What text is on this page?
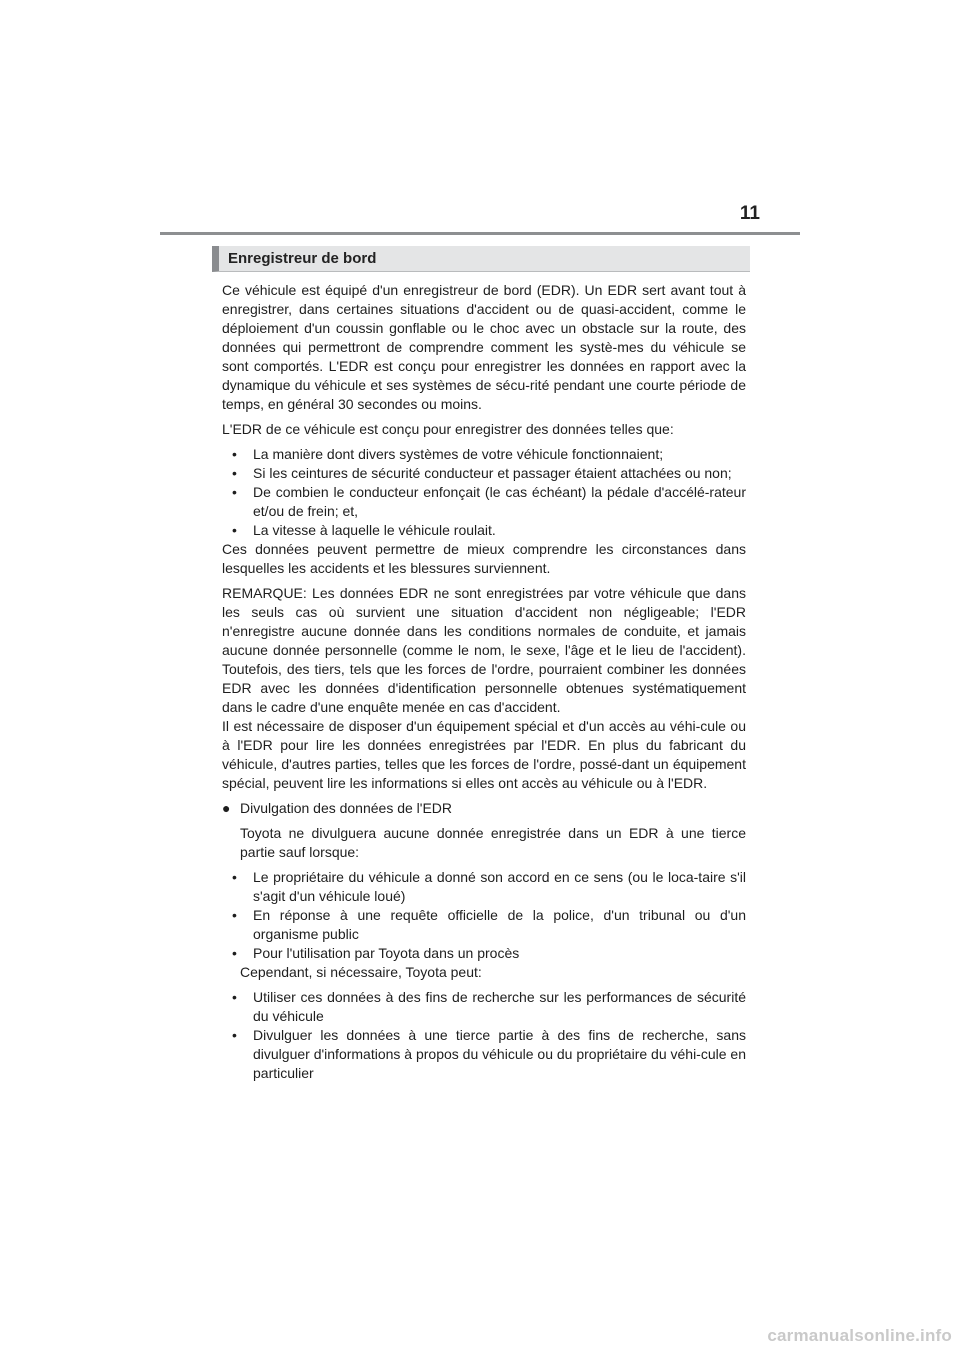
11
Enregistreur de bord

Ce véhicule est équipé d'un enregistreur de bord (EDR). Un EDR sert avant tout à enregistrer, dans certaines situations d'accident ou de quasi-accident, comme le déploiement d'un coussin gonflable ou le choc avec un obstacle sur la route, des données qui permettront de comprendre comment les systè-mes du véhicule se sont comportés. L'EDR est conçu pour enregistrer les données en rapport avec la dynamique du véhicule et ses systèmes de sécu-rité pendant une courte période de temps, en général 30 secondes ou moins.

L'EDR de ce véhicule est conçu pour enregistrer des données telles que:

• La manière dont divers systèmes de votre véhicule fonctionnaient;
• Si les ceintures de sécurité conducteur et passager étaient attachées ou non;
• De combien le conducteur enfonçait (le cas échéant) la pédale d'accélé-rateur et/ou de frein; et,
• La vitesse à laquelle le véhicule roulait.

Ces données peuvent permettre de mieux comprendre les circonstances dans lesquelles les accidents et les blessures surviennent.

REMARQUE: Les données EDR ne sont enregistrées par votre véhicule que dans les seuls cas où survient une situation d'accident non négligeable; l'EDR n'enregistre aucune donnée dans les conditions normales de conduite, et jamais aucune donnée personnelle (comme le nom, le sexe, l'âge et le lieu de l'accident). Toutefois, des tiers, tels que les forces de l'ordre, pourraient combiner les données EDR avec les données d'identification personnelle obtenues systématiquement dans le cadre d'une enquête menée en cas d'accident.

Il est nécessaire de disposer d'un équipement spécial et d'un accès au véhi-cule ou à l'EDR pour lire les données enregistrées par l'EDR. En plus du fabricant du véhicule, d'autres parties, telles que les forces de l'ordre, possé-dant un équipement spécial, peuvent lire les informations si elles ont accès au véhicule ou à l'EDR.

● Divulgation des données de l'EDR

Toyota ne divulguera aucune donnée enregistrée dans un EDR à une tierce partie sauf lorsque:

• Le propriétaire du véhicule a donné son accord en ce sens (ou le loca-taire s'il s'agit d'un véhicule loué)
• En réponse à une requête officielle de la police, d'un tribunal ou d'un organisme public
• Pour l'utilisation par Toyota dans un procès

Cependant, si nécessaire, Toyota peut:

• Utiliser ces données à des fins de recherche sur les performances de sécurité du véhicule
• Divulguer les données à une tierce partie à des fins de recherche, sans divulguer d'informations à propos du véhicule ou du propriétaire du véhi-cule en particulier
carmanualsonline.info
